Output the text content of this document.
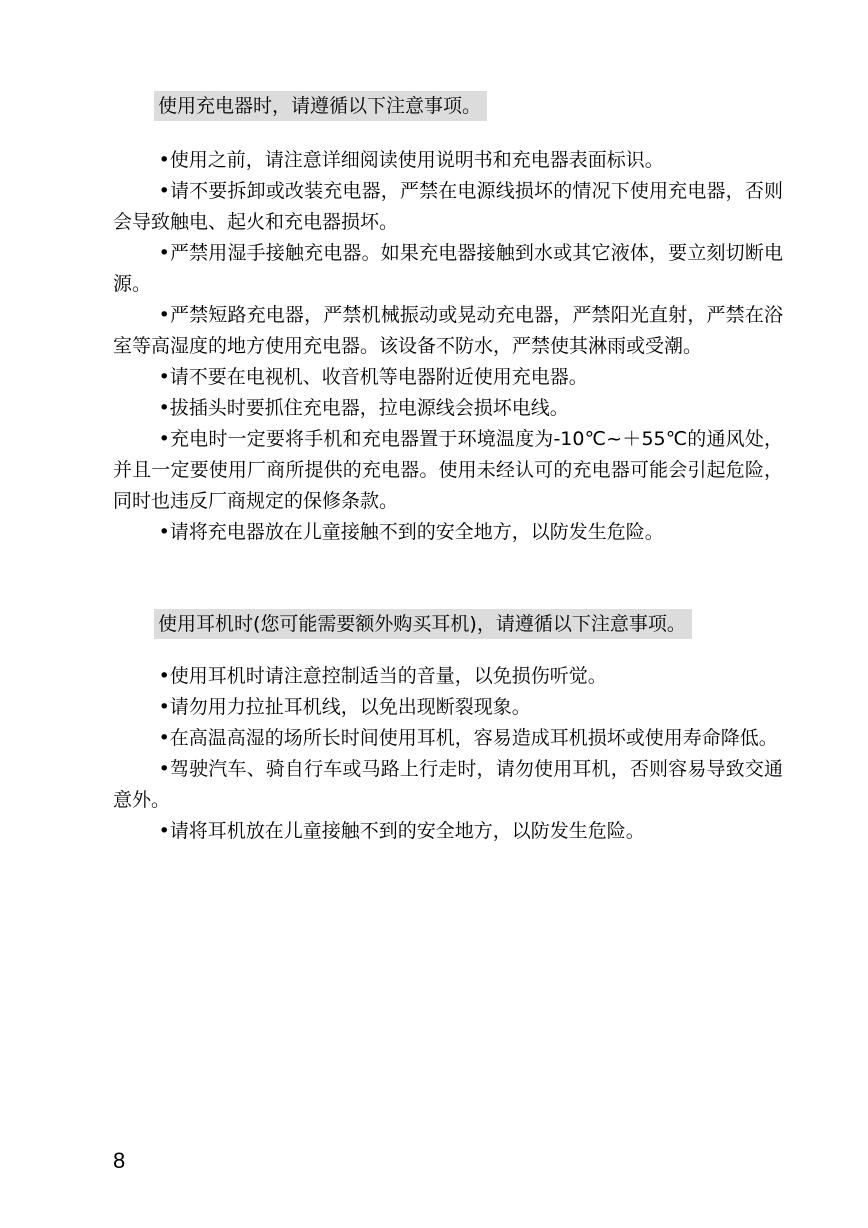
使用充电器时，请遵循以下注意事项。

•使用之前，请注意详细阅读使用说明书和充电器表面标识。

•请不要拆卸或改装充电器，严禁在电源线损坏的情况下使用充电器，否则会导致触电、起火和充电器损坏。

•严禁用湿手接触充电器。如果充电器接触到水或其它液体，要立刻切断电源。

•严禁短路充电器，严禁机械振动或晃动充电器，严禁阳光直射，严禁在浴室等高湿度的地方使用充电器。该设备不防水，严禁使其淋雨或受潮。

•请不要在电视机、收音机等电器附近使用充电器。

•拔插头时要抓住充电器，拉电源线会损坏电线。

•充电时一定要将手机和充电器置于环境温度为-10℃~＋55℃的通风处，并且一定要使用厂商所提供的充电器。使用未经认可的充电器可能会引起危险，同时也违反厂商规定的保修条款。

•请将充电器放在儿童接触不到的安全地方，以防发生危险。

使用耳机时(您可能需要额外购买耳机)，请遵循以下注意事项。

•使用耳机时请注意控制适当的音量，以免损伤听觉。

•请勿用力拉扯耳机线，以免出现断裂现象。

•在高温高湿的场所长时间使用耳机，容易造成耳机损坏或使用寿命降低。

•驾驶汽车、骑自行车或马路上行走时，请勿使用耳机，否则容易导致交通意外。

•请将耳机放在儿童接触不到的安全地方，以防发生危险。

8
